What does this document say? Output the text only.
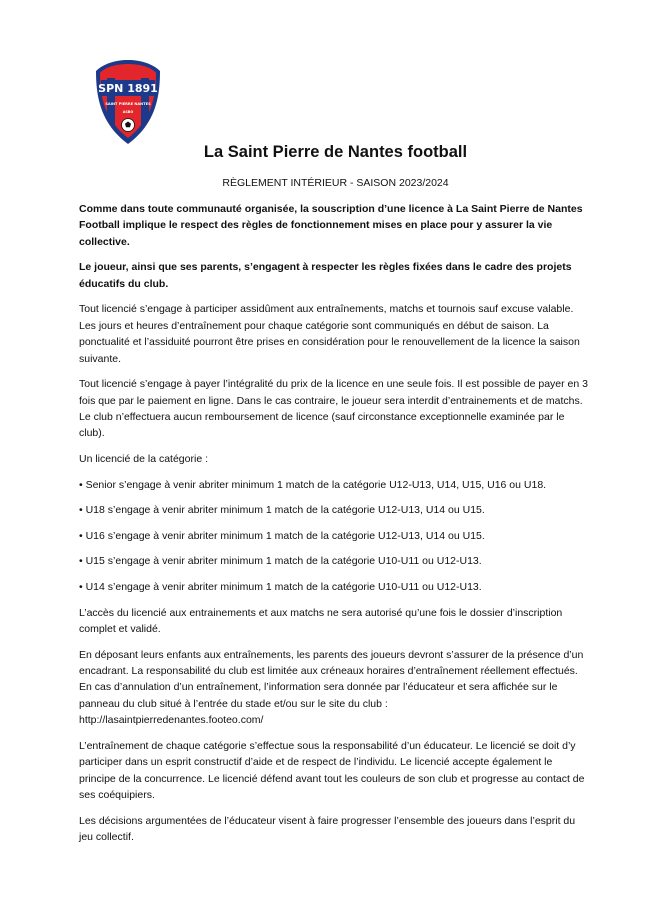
SPN 1891
SAINT PIERRE NANTES
ASBO
La Saint Pierre de Nantes football
RÈGLEMENT INTÉRIEUR - SAISON 2023/2024

Comme dans toute communauté organisée, la souscription d’une licence à La Saint Pierre de Nantes Football implique le respect des règles de fonctionnement mises en place pour y assurer la vie collective.

Le joueur, ainsi que ses parents, s’engagent à respecter les règles fixées dans le cadre des projets éducatifs du club.

Tout licencié s’engage à participer assidûment aux entraînements, matchs et tournois sauf excuse valable. Les jours et heures d’entraînement pour chaque catégorie sont communiqués en début de saison. La ponctualité et l’assiduité pourront être prises en considération pour le renouvellement de la licence la saison suivante.

Tout licencié s’engage à payer l’intégralité du prix de la licence en une seule fois. Il est possible de payer en 3 fois que par le paiement en ligne. Dans le cas contraire, le joueur sera interdit d’entrainements et de matchs. Le club n’effectuera aucun remboursement de licence (sauf circonstance exceptionnelle examinée par le club).

Un licencié de la catégorie :

• Senior s’engage à venir abriter minimum 1 match de la catégorie U12-U13, U14, U15, U16 ou U18.

• U18 s’engage à venir abriter minimum 1 match de la catégorie U12-U13, U14 ou U15.

• U16 s’engage à venir abriter minimum 1 match de la catégorie U12-U13, U14 ou U15.

• U15 s’engage à venir abriter minimum 1 match de la catégorie U10-U11 ou U12-U13.

• U14 s’engage à venir abriter minimum 1 match de la catégorie U10-U11 ou U12-U13.

L’accès du licencié aux entrainements et aux matchs ne sera autorisé qu’une fois le dossier d’inscription complet et validé.

En déposant leurs enfants aux entraînements, les parents des joueurs devront s’assurer de la présence d’un encadrant. La responsabilité du club est limitée aux créneaux horaires d’entraînement réellement effectués. En cas d’annulation d’un entraînement, l’information sera donnée par l’éducateur et sera affichée sur le panneau du club situé à l’entrée du stade et/ou sur le site du club :
http://lasaintpierredenantes.footeo.com/

L’entraînement de chaque catégorie s’effectue sous la responsabilité d’un éducateur. Le licencié se doit d’y participer dans un esprit constructif d’aide et de respect de l’individu. Le licencié accepte également le principe de la concurrence. Le licencié défend avant tout les couleurs de son club et progresse au contact de ses coéquipiers.

Les décisions argumentées de l’éducateur visent à faire progresser l’ensemble des joueurs dans l’esprit du jeu collectif.
